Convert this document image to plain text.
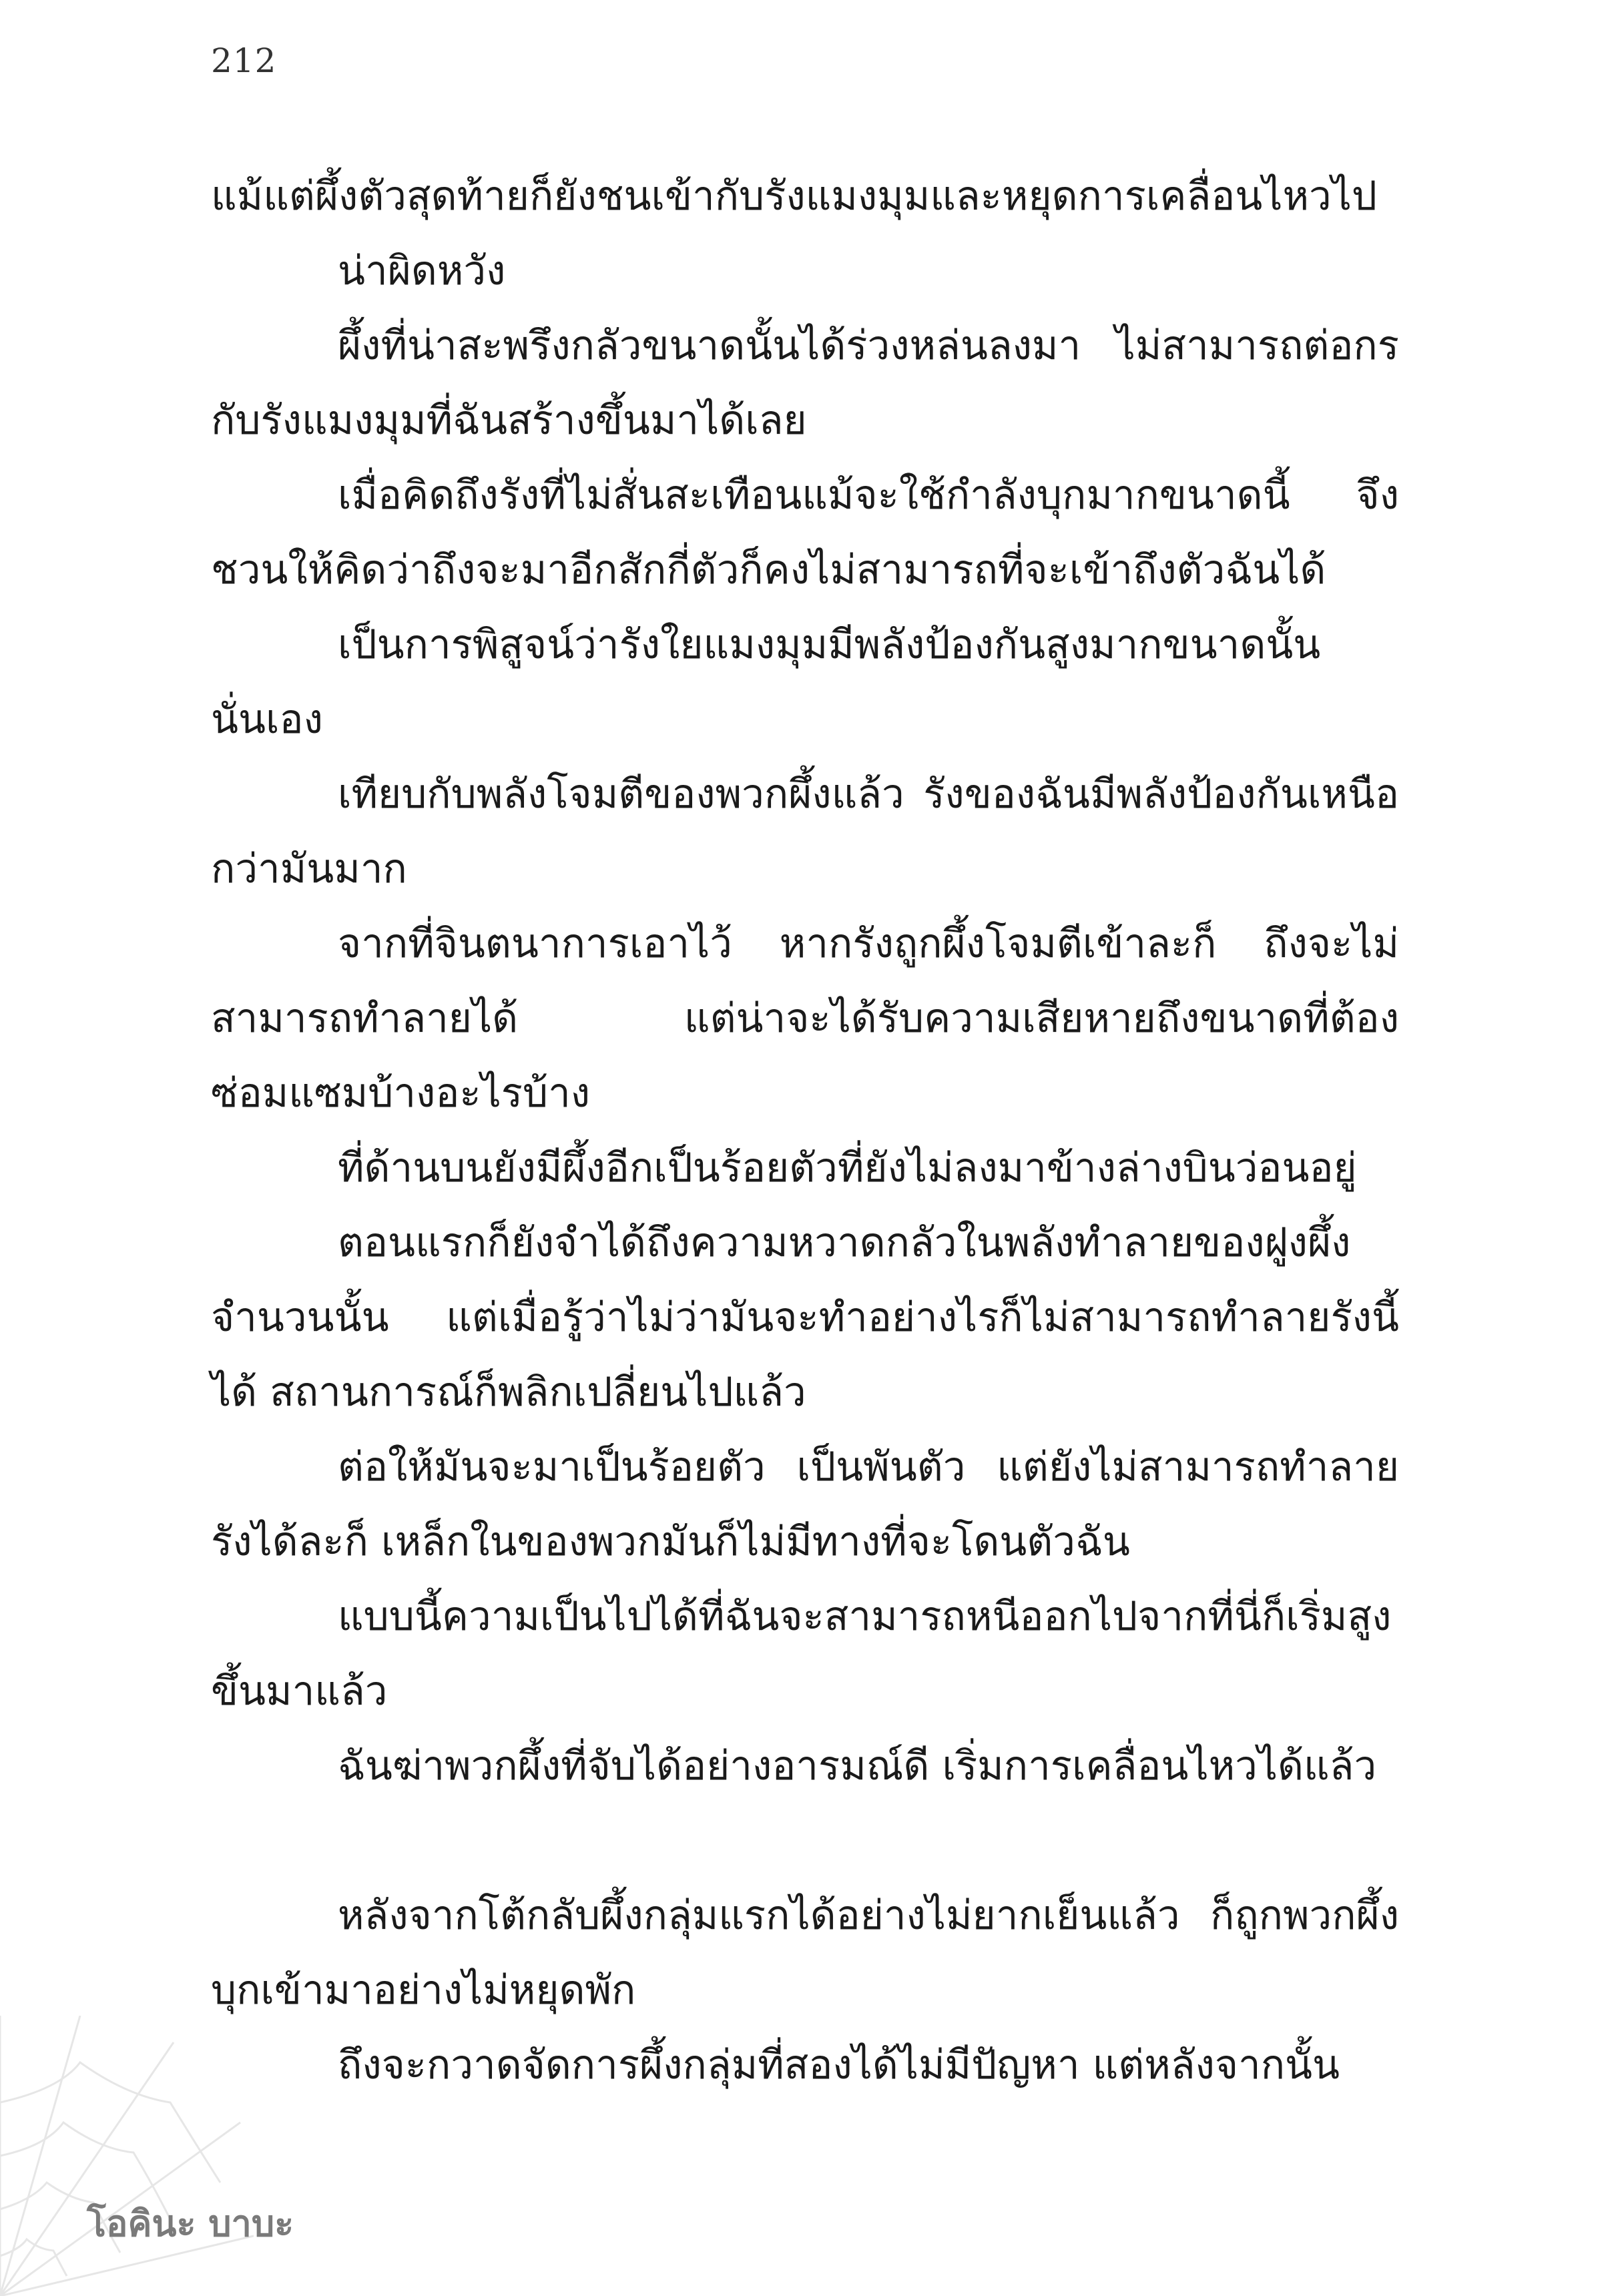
212

แม้แต่ผึ้งตัวสุดท้ายก็ยังชนเข้ากับรังแมงมุมและหยุดการเคลื่อนไหวไป

น่าผิดหวัง

ผึ้งที่น่าสะพรึงกลัวขนาดนั้นได้ร่วงหล่นลงมา ไม่สามารถต่อกรกับรังแมงมุมที่ฉันสร้างขึ้นมาได้เลย

เมื่อคิดถึงรังที่ไม่สั่นสะเทือนแม้จะใช้กำลังบุกมากขนาดนี้ จึงชวนให้คิดว่าถึงจะมาอีกสักกี่ตัวก็คงไม่สามารถที่จะเข้าถึงตัวฉันได้

เป็นการพิสูจน์ว่ารังใยแมงมุมมีพลังป้องกันสูงมากขนาดนั้นนั่นเอง

เทียบกับพลังโจมตีของพวกผึ้งแล้ว รังของฉันมีพลังป้องกันเหนือกว่ามันมาก

จากที่จินตนาการเอาไว้ หากรังถูกผึ้งโจมตีเข้าละก็ ถึงจะไม่สามารถทำลายได้ แต่น่าจะได้รับความเสียหายถึงขนาดที่ต้องซ่อมแซมบ้างอะไรบ้าง

ที่ด้านบนยังมีผึ้งอีกเป็นร้อยตัวที่ยังไม่ลงมาข้างล่างบินว่อนอยู่

ตอนแรกก็ยังจำได้ถึงความหวาดกลัวในพลังทำลายของฝูงผึ้งจำนวนนั้น แต่เมื่อรู้ว่าไม่ว่ามันจะทำอย่างไรก็ไม่สามารถทำลายรังนี้ได้ สถานการณ์ก็พลิกเปลี่ยนไปแล้ว

ต่อให้มันจะมาเป็นร้อยตัว เป็นพันตัว แต่ยังไม่สามารถทำลายรังได้ละก็ เหล็กในของพวกมันก็ไม่มีทางที่จะโดนตัวฉัน

แบบนี้ความเป็นไปได้ที่ฉันจะสามารถหนีออกไปจากที่นี่ก็เริ่มสูงขึ้นมาแล้ว

ฉันฆ่าพวกผึ้งที่จับได้อย่างอารมณ์ดี เริ่มการเคลื่อนไหวได้แล้ว

หลังจากโต้กลับผึ้งกลุ่มแรกได้อย่างไม่ยากเย็นแล้ว ก็ถูกพวกผึ้งบุกเข้ามาอย่างไม่หยุดพัก

ถึงจะกวาดจัดการผึ้งกลุ่มที่สองได้ไม่มีปัญหา แต่หลังจากนั้น

โอคินะ บาบะ
